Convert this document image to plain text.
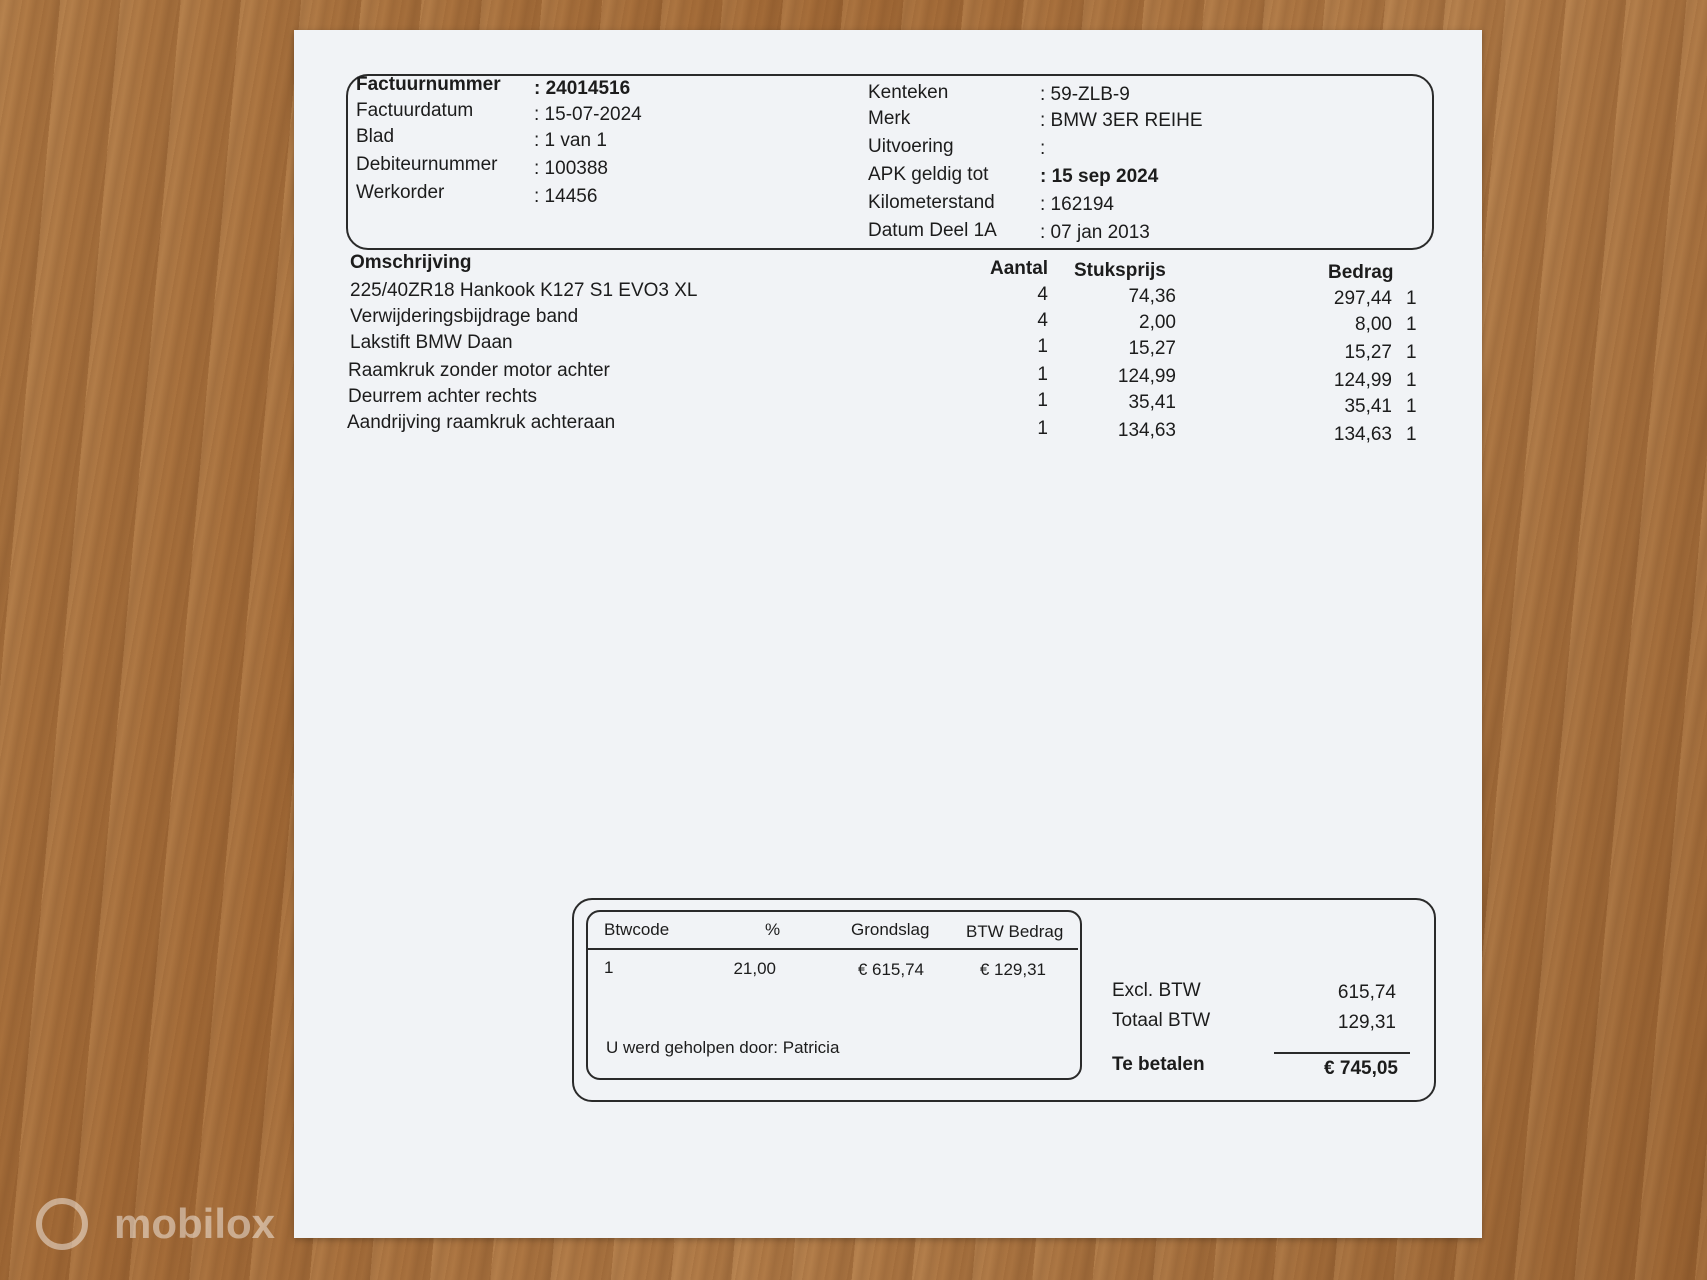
Factuurnummer : 24014516
Factuurdatum	: 15-07-2024
Blad	: 1 van 1
Debiteurnummer : 100388
Werkorder	: 14456
Kenteken	: 59-ZLB-9
Merk	: BMW 3ER REIHE
Uitvoering	:
APK geldig tot	: 15 sep 2024
Kilometerstand : 162194
Datum Deel 1A : 07 jan 2013
Omschrijving	Aantal Stuksprijs	Bedrag
225/40ZR18 Hankook K127 S1 EVO3 XL	4	74,36	297,44 1
Verwijderingsbijdrage band	4	2,00	8,00 1
Lakstift BMW Daan	1	15,27	15,27 1
Raamkruk zonder motor achter	1	124,99	124,99 1
Deurrem achter rechts	1	35,41	35,41 1
Aandrijving raamkruk achteraan	1	134,63	134,63 1
Btwcode	%	Grondslag BTW Bedrag
1	21,00	€ 615,74	€ 129,31
U werd geholpen door: Patricia
Excl. BTW	615,74
Totaal BTW	129,31
Te betalen	€ 745,05
mobilox
